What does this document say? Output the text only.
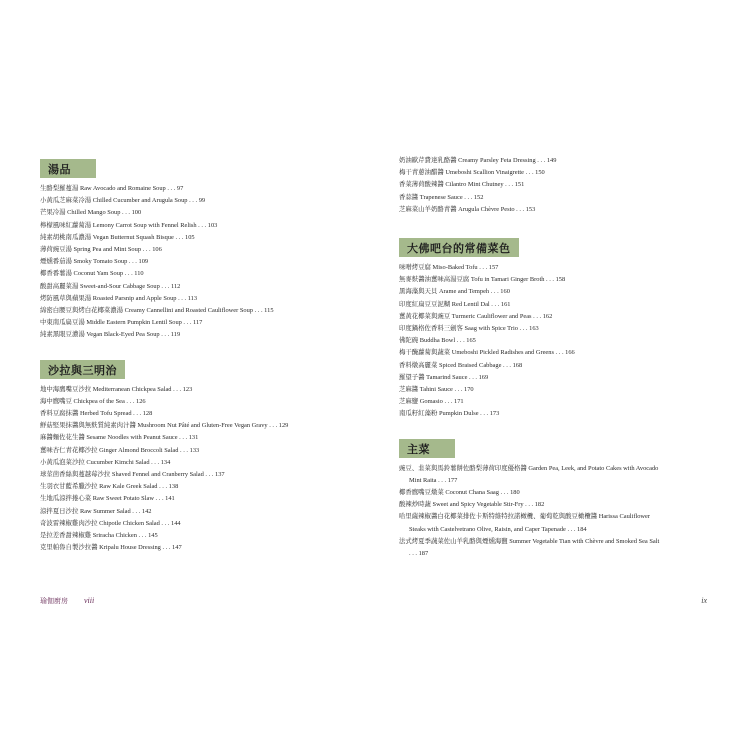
湯品
生酪梨羅蔓湯 Raw Avocado and Romaine Soup . . . 97
小黃瓜芝麻菜冷湯 Chilled Cucumber and Arugula Soup . . . 99
芒果冷湯 Chilled Mango Soup . . . 100
檸檬風味紅蘿蔔湯 Lemony Carrot Soup with Fennel Relish . . . 103
純素胡桃南瓜濃湯 Vegan Butternut Squash Bisque . . . 105
薄荷豌豆湯 Spring Pea and Mint Soup . . . 106
煙燻番茄湯 Smoky Tomato Soup . . . 109
椰香番薯湯 Coconut Yam Soup . . . 110
酸甜高麗菜湯 Sweet-and-Sour Cabbage Soup . . . 112
烤防風草與蘋果湯 Roasted Parsnip and Apple Soup . . . 113
綿密白腰豆與烤白花椰菜濃湯 Creamy Cannellini and Roasted Cauliflower Soup . . . 115
中東南瓜扁豆湯 Middle Eastern Pumpkin Lentil Soup . . . 117
純素黑眼豆濃湯 Vegan Black-Eyed Pea Soup . . . 119
沙拉與三明治
地中海鷹嘴豆沙拉 Mediterranean Chickpea Salad . . . 123
海中鷹嘴豆 Chickpea of the Sea . . . 126
香料豆腐抹醬 Herbed Tofu Spread . . . 128
鮮菇堅果抹醬與無麩質純素肉汁醬 Mushroom Nut Pâté and Gluten-Free Vegan Gravy . . . 129
麻醬麵佐花生醬 Sesame Noodles with Peanut Sauce . . . 131
薑味杏仁青花椰沙拉 Ginger Almond Broccoli Salad . . . 133
小黃瓜泡菜沙拉 Cucumber Kimchi Salad . . . 134
球莖茴香絲與蔓越莓沙拉 Shaved Fennel and Cranberry Salad . . . 137
生羽衣甘藍希臘沙拉 Raw Kale Greek Salad . . . 138
生地瓜涼拌捲心菜 Raw Sweet Potato Slaw . . . 141
涼拌夏日沙拉 Raw Summer Salad . . . 142
奇波雷辣椒雞肉沙拉 Chipotle Chicken Salad . . . 144
是拉差香甜辣椒雞 Sriracha Chicken . . . 145
克里帕魯自製沙拉醬 Kripalu House Dressing . . . 147
奶油歐芹費達乳酪醬 Creamy Parsley Feta Dressing . . . 149
梅干青蔥油醋醬 Umeboshi Scallion Vinaigrette . . . 150
香菜薄荷酸辣醬 Cilantro Mint Chutney . . . 151
香蒜醬 Trapenese Sauce . . . 152
芝麻菜山羊奶酪青醬 Arugula Chèvre Pesto . . . 153
大佛吧台的常備菜色
味噌烤豆腐 Miso-Baked Tofu . . . 157
無麥麩醬油薑味高湯豆腐 Tofu in Tamari Ginger Broth . . . 158
黑海藻與天貝 Arame and Tempeh . . . 160
印度紅扁豆豆泥糊 Red Lentil Dal . . . 161
薑黃花椰菜與豌豆 Turmeric Cauliflower and Peas . . . 162
印度鍋格佐香料三劍客 Saag with Spice Trio . . . 163
佛陀碗 Buddha Bowl . . . 165
梅干醃蘿蔔與蔬菜 Umeboshi Pickled Radishes and Greens . . . 166
香料燉高麗菜 Spiced Braised Cabbage . . . 168
羅望子醬 Tamarind Sauce . . . 169
芝麻醬 Tahini Sauce . . . 170
芝麻鹽 Gomasio . . . 171
南瓜籽紅藻粉 Pumpkin Dulse . . . 173
主菜
豌豆、韭菜與馬鈴薯餅佐酪梨薄荷印度優格醬 Garden Pea, Leek, and Potato Cakes with Avocado
Mint Raita . . . 177
椰香鷹嘴豆燉菜 Coconut Chana Saag . . . 180
酸辣炒時蔬 Sweet and Spicy Vegetable Stir-Fry . . . 182
哈里薩辣椒醬白花椰菜排佐卡斯特維特拉諾橄欖、葡萄乾與酸豆橄欖醬 Harissa Cauliflower
Steaks with Castelvetrano Olive, Raisin, and Caper Tapenade . . . 184
法式烤夏季蔬菜佐山羊乳酪與煙燻海鹽 Summer Vegetable Tian with Chèvre and Smoked Sea Salt
. . . 187
瑜伽廚房 viii	ix
